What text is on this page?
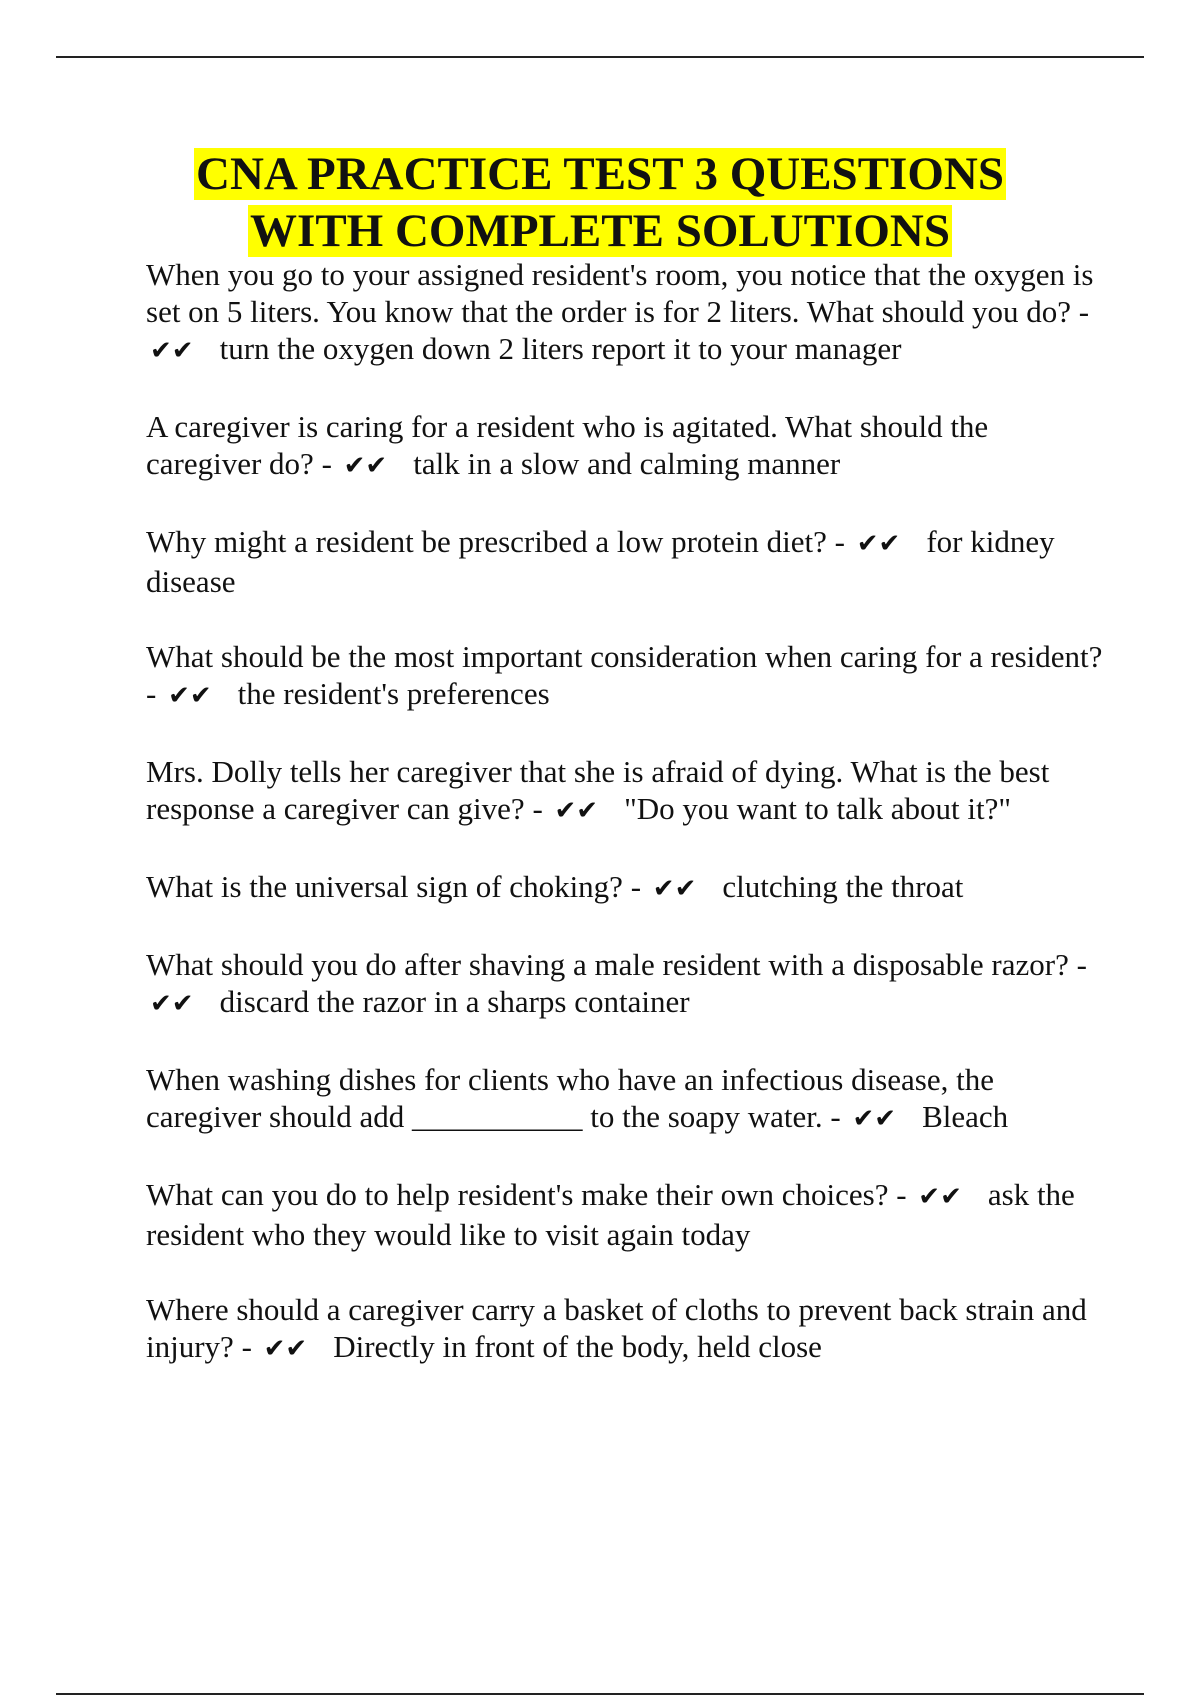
CNA PRACTICE TEST 3 QUESTIONS
WITH COMPLETE SOLUTIONS

When you go to your assigned resident's room, you notice that the oxygen is set on 5 liters. You know that the order is for 2 liters. What should you do? - ✔✔ turn the oxygen down 2 liters report it to your manager

A caregiver is caring for a resident who is agitated. What should the caregiver do? - ✔✔ talk in a slow and calming manner

Why might a resident be prescribed a low protein diet? - ✔✔ for kidney disease

What should be the most important consideration when caring for a resident? - ✔✔ the resident's preferences

Mrs. Dolly tells her caregiver that she is afraid of dying. What is the best response a caregiver can give? - ✔✔ "Do you want to talk about it?"

What is the universal sign of choking? - ✔✔ clutching the throat

What should you do after shaving a male resident with a disposable razor? - ✔✔ discard the razor in a sharps container

When washing dishes for clients who have an infectious disease, the caregiver should add ___________ to the soapy water. - ✔✔ Bleach

What can you do to help resident's make their own choices? - ✔✔ ask the resident who they would like to visit again today

Where should a caregiver carry a basket of cloths to prevent back strain and injury? - ✔✔ Directly in front of the body, held close
